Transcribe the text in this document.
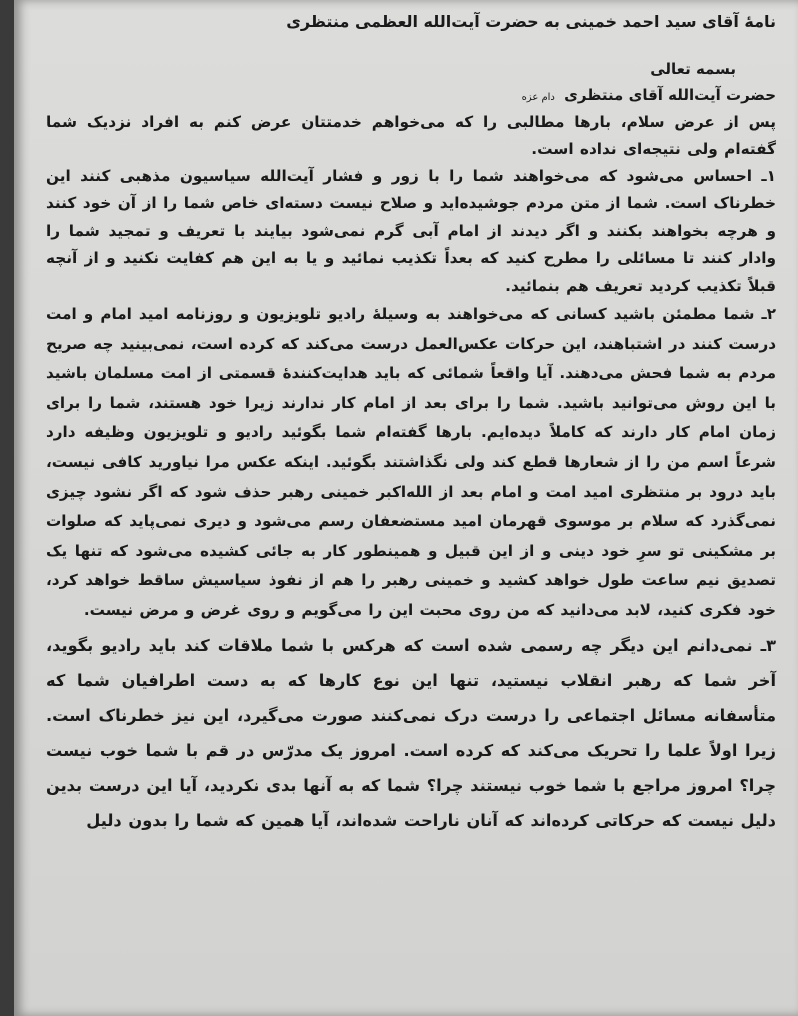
نامهٔ آقای سید احمد خمینی به حضرت آیت‌الله العظمی منتظری

بسمه تعالی

حضرت آیت‌الله آقای منتظری دام عزه

پس از عرض سلام، بارها مطالبی را که می‌خواهم خدمتتان عرض کنم به افراد نزدیک شما گفته‌ام ولی نتیجه‌ای نداده است.

۱ـ احساس می‌شود که می‌خواهند شما را با زور و فشار آیت‌الله سیاسیون مذهبی کنند این خطرناک است. شما از متن مردم جوشیده‌اید و صلاح نیست دسته‌ای خاص شما را از آن خود کنند و هرچه بخواهند بکنند و اگر دیدند از امام آبی گرم نمی‌شود بیایند با تعریف و تمجید شما را وادار کنند تا مسائلی را مطرح کنید که بعداً تکذیب نمائید و یا به این هم کفایت نکنید و از آنچه قبلاً تکذیب کردید تعریف هم بنمائید.

۲ـ شما مطمئن باشید کسانی که می‌خواهند به وسیلهٔ رادیو تلویزیون و روزنامه امید امام و امت درست کنند در اشتباهند، این حرکات عکس‌العمل درست می‌کند که کرده است، نمی‌بینید چه صریح مردم به شما فحش می‌دهند. آیا واقعاً شمائی که باید هدایت‌کنندهٔ قسمتی از امت مسلمان باشید با این روش می‌توانید باشید. شما را برای بعد از امام کار ندارند زیرا خود هستند، شما را برای زمان امام کار دارند که کاملاً دیده‌ایم. بارها گفته‌ام شما بگوئید رادیو و تلویزیون وظیفه دارد شرعاً اسم من را از شعارها قطع کند ولی نگذاشتند بگوئید. اینکه عکس مرا نیاورید کافی نیست، باید درود بر منتظری امید امت و امام بعد از الله‌اکبر خمینی رهبر حذف شود که اگر نشود چیزی نمی‌گذرد که سلام بر موسوی قهرمان امید مستضعفان رسم می‌شود و دیری نمی‌پاید که صلوات بر مشکینی تو سرِ خود دینی و از این قبیل و همینطور کار به جائی کشیده می‌شود که تنها یک تصدیق نیم ساعت طول خواهد کشید و خمینی رهبر را هم از نفوذ سیاسیش ساقط خواهد کرد، خود فکری کنید، لابد می‌دانید که من روی محبت این را می‌گویم و روی غرض و مرض نیست.

۳ـ نمی‌دانم این دیگر چه رسمی شده است که هرکس با شما ملاقات کند باید رادیو بگوید، آخر شما که رهبر انقلاب نیستید، تنها این نوع کارها که به دست اطرافیان شما که متأسفانه مسائل اجتماعی را درست درک نمی‌کنند صورت می‌گیرد، این نیز خطرناک است. زیرا اولاً علما را تحریک می‌کند که کرده است. امروز یک مدرّس در قم با شما خوب نیست چرا؟ امروز مراجع با شما خوب نیستند چرا؟ شما که به آنها بدی نکردید، آیا این درست بدین دلیل نیست که حرکاتی کرده‌اند که آنان ناراحت شده‌اند، آیا همین که شما را بدون دلیل
